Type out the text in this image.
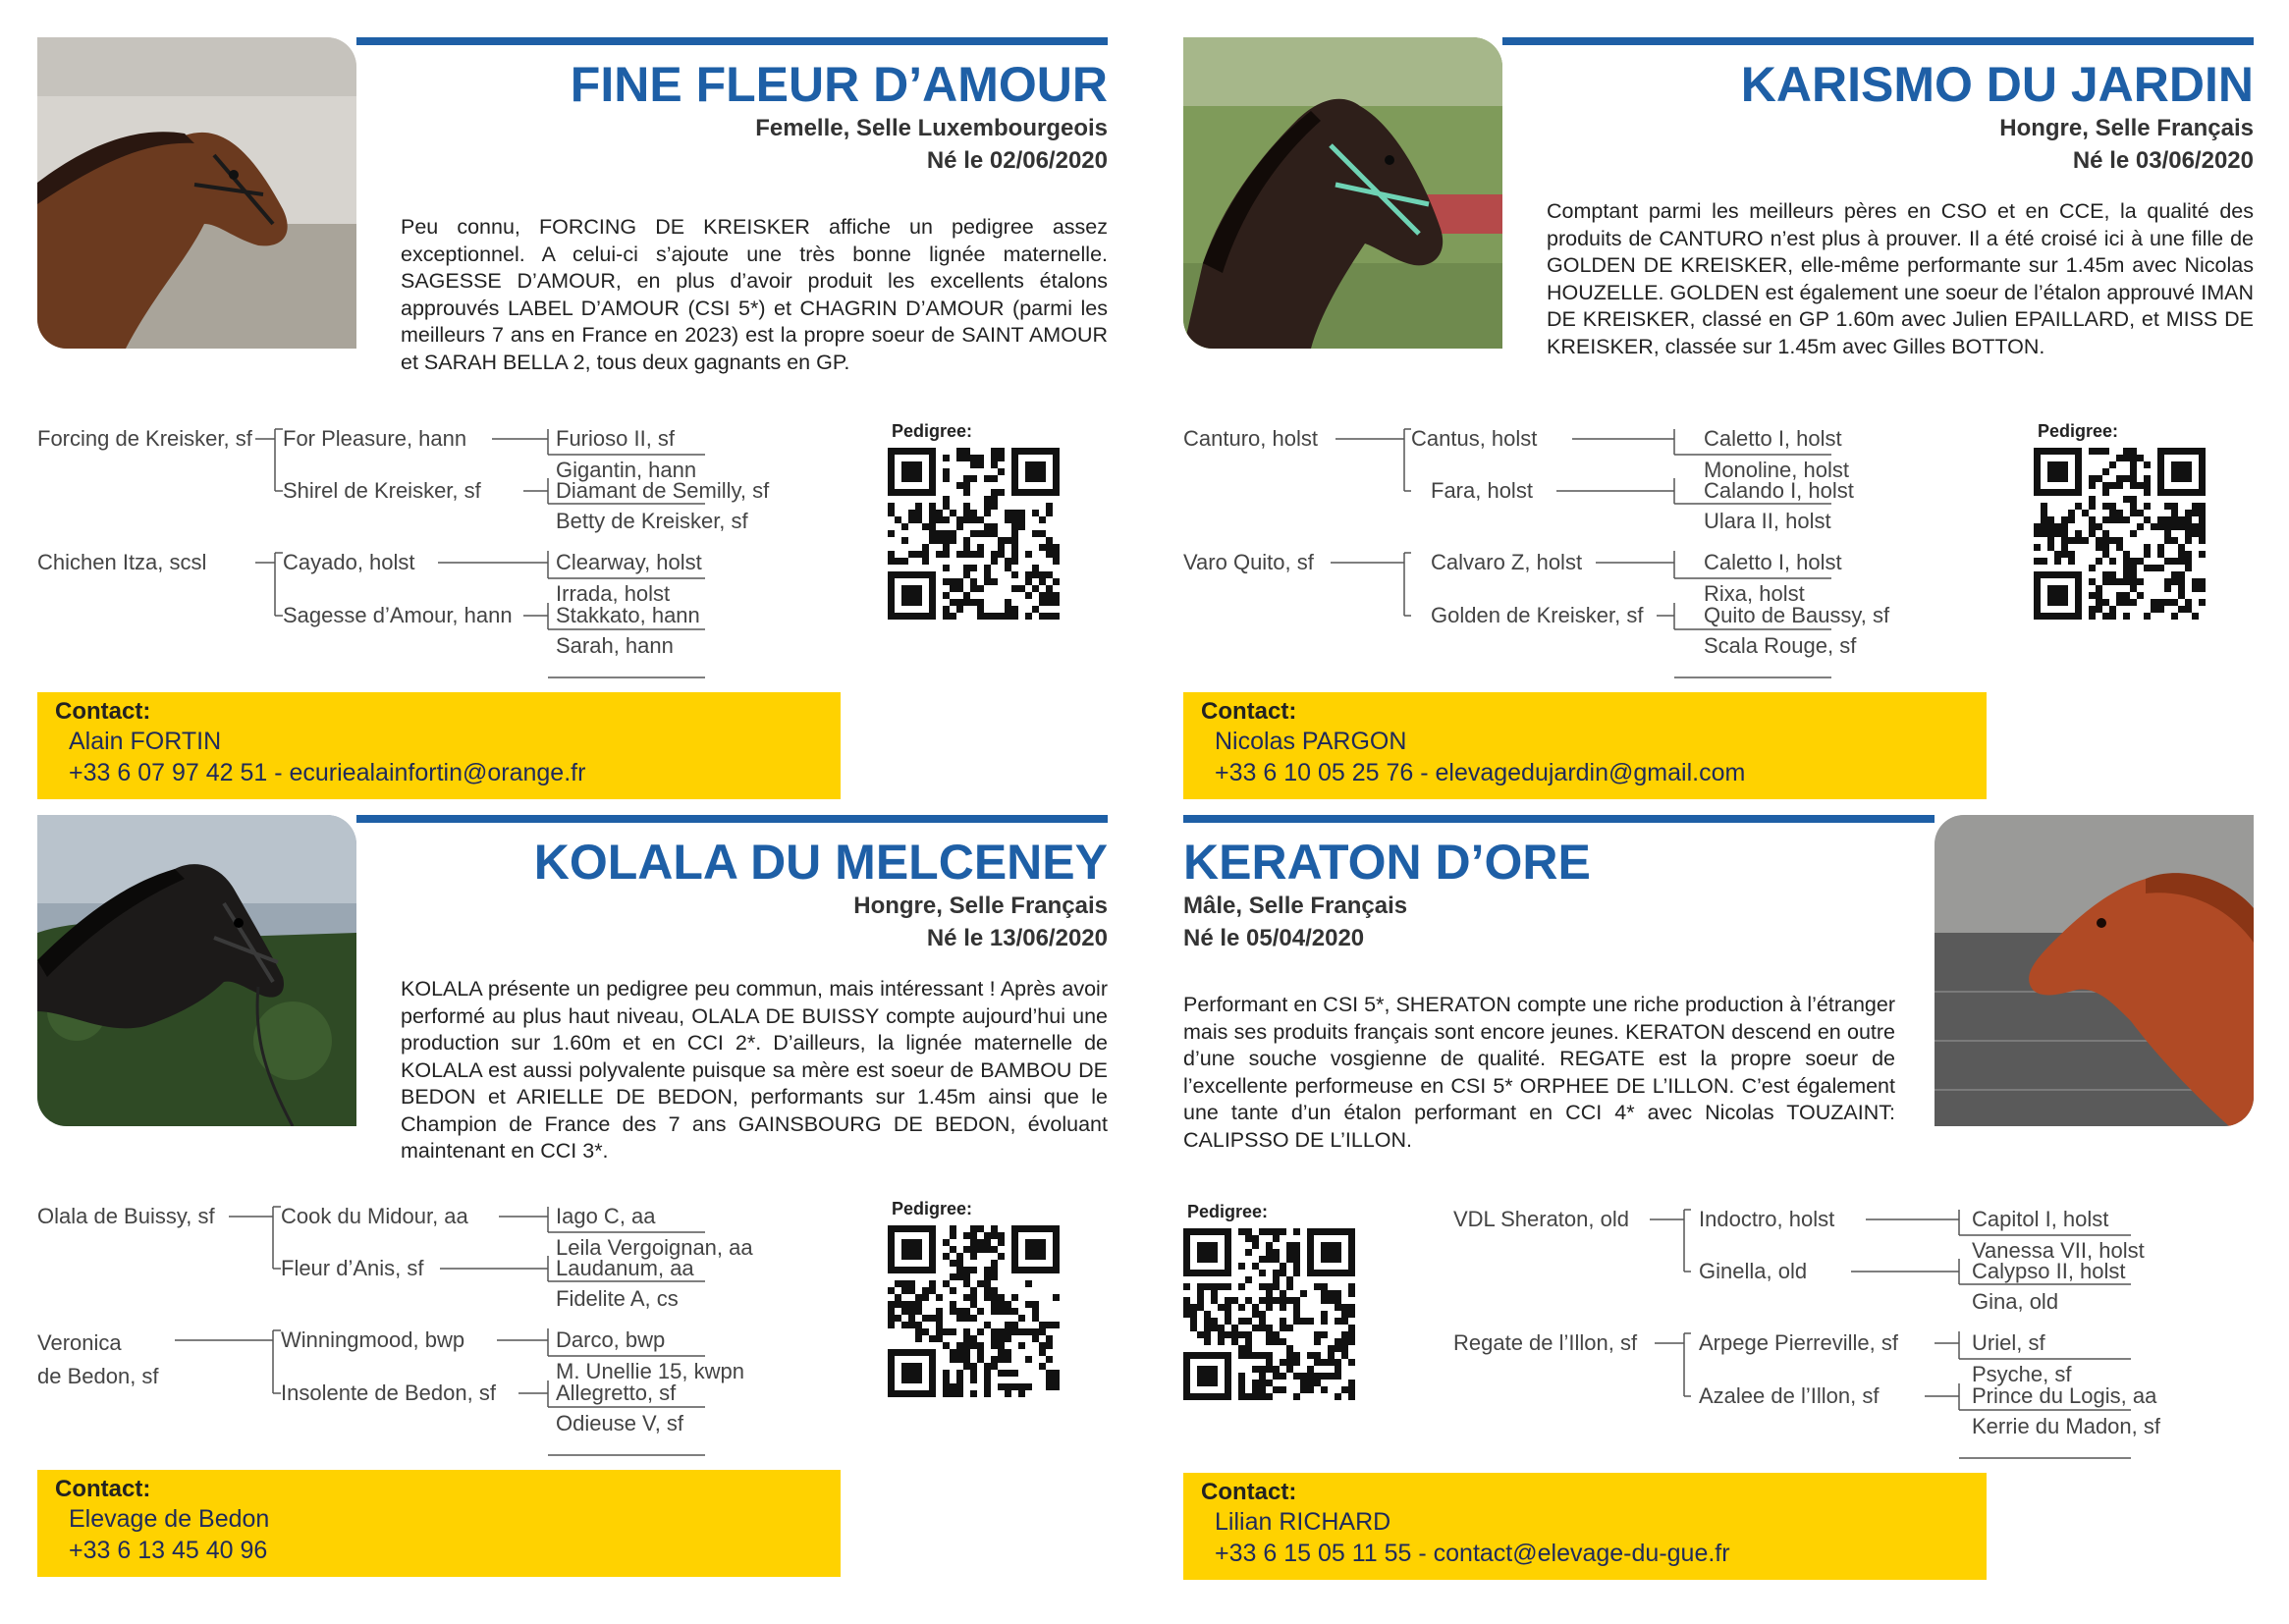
FINE FLEUR D’AMOUR
Femelle, Selle Luxembourgeois
Né le 02/06/2020

Peu connu, FORCING DE KREISKER affiche un pedigree assez exceptionnel. A celui-ci s’ajoute une très bonne lignée maternelle. SAGESSE D’AMOUR, en plus d’avoir produit les excellents étalons approuvés LABEL D’AMOUR (CSI 5*) et CHAGRIN D’AMOUR (parmi les meilleurs 7 ans en France en 2023) est la propre soeur de SAINT AMOUR et SARAH BELLA 2, tous deux gagnants en GP.

Forcing de Kreisker, sf
Chichen Itza, scsl
For Pleasure, hann
Shirel de Kreisker, sf
Cayado, holst
Sagesse d’Amour, hann
Furioso II, sf
Gigantin, hann
Diamant de Semilly, sf
Betty de Kreisker, sf
Clearway, holst
Irrada, holst
Stakkato, hann
Sarah, hann
Pedigree:
Contact:
Alain FORTIN
+33 6 07 97 42 51 - ecuriealainfortin@orange.fr
KARISMO DU JARDIN
Hongre, Selle Français
Né le 03/06/2020

Comptant parmi les meilleurs pères en CSO et en CCE, la qualité des produits de CANTURO n’est plus à prouver. Il a été croisé ici à une fille de GOLDEN DE KREISKER, elle-même performante sur 1.45m avec Nicolas HOUZELLE. GOLDEN est également une soeur de l’étalon approuvé IMAN DE KREISKER, classé en GP 1.60m avec Julien EPAILLARD, et MISS DE KREISKER, classée sur 1.45m avec Gilles BOTTON.

Canturo, holst
Varo Quito, sf
Cantus, holst
Fara, holst
Calvaro Z, holst
Golden de Kreisker, sf
Caletto I, holst
Monoline, holst
Calando I, holst
Ulara II, holst
Caletto I, holst
Rixa, holst
Quito de Baussy, sf
Scala Rouge, sf
Pedigree:
Contact:
Nicolas PARGON
+33 6 10 05 25 76 - elevagedujardin@gmail.com
KOLALA DU MELCENEY
Hongre, Selle Français
Né le 13/06/2020

KOLALA présente un pedigree peu commun, mais intéressant ! Après avoir performé au plus haut niveau, OLALA DE BUISSY compte aujourd’hui une production sur 1.60m et en CCI 2*. D’ailleurs, la lignée maternelle de KOLALA est aussi polyvalente puisque sa mère est soeur de BAMBOU DE BEDON et ARIELLE DE BEDON, performants sur 1.45m ainsi que le Champion de France des 7 ans GAINSBOURG DE BEDON, évoluant maintenant en CCI 3*.

Olala de Buissy, sf
Veronica
de Bedon, sf
Cook du Midour, aa
Fleur d’Anis, sf
Winningmood, bwp
Insolente de Bedon, sf
Iago C, aa
Leila Vergoignan, aa
Laudanum, aa
Fidelite A, cs
Darco, bwp
M. Unellie 15, kwpn
Allegretto, sf
Odieuse V, sf
Pedigree:
Contact:
Elevage de Bedon
+33 6 13 45 40 96
KERATON D’ORE
Mâle, Selle Français
Né le 05/04/2020

Performant en CSI 5*, SHERATON compte une riche production à l’étranger mais ses produits français sont encore jeunes. KERATON descend en outre d’une souche vosgienne de qualité. REGATE est la propre soeur de l’excellente performeuse en CSI 5* ORPHEE DE L’ILLON. C’est également une tante d’un étalon performant en CCI 4* avec Nicolas TOUZAINT: CALIPSSO DE L’ILLON.

Pedigree:	VDL Sheraton, old
Regate de l’Illon, sf
Indoctro, holst
Ginella, old
Arpege Pierreville, sf
Azalee de l’Illon, sf
Capitol I, holst
Vanessa VII, holst
Calypso II, holst
Gina, old
Uriel, sf
Psyche, sf
Prince du Logis, aa
Kerrie du Madon, sf
Contact:
Lilian RICHARD
+33 6 15 05 11 55 - contact@elevage-du-gue.fr
